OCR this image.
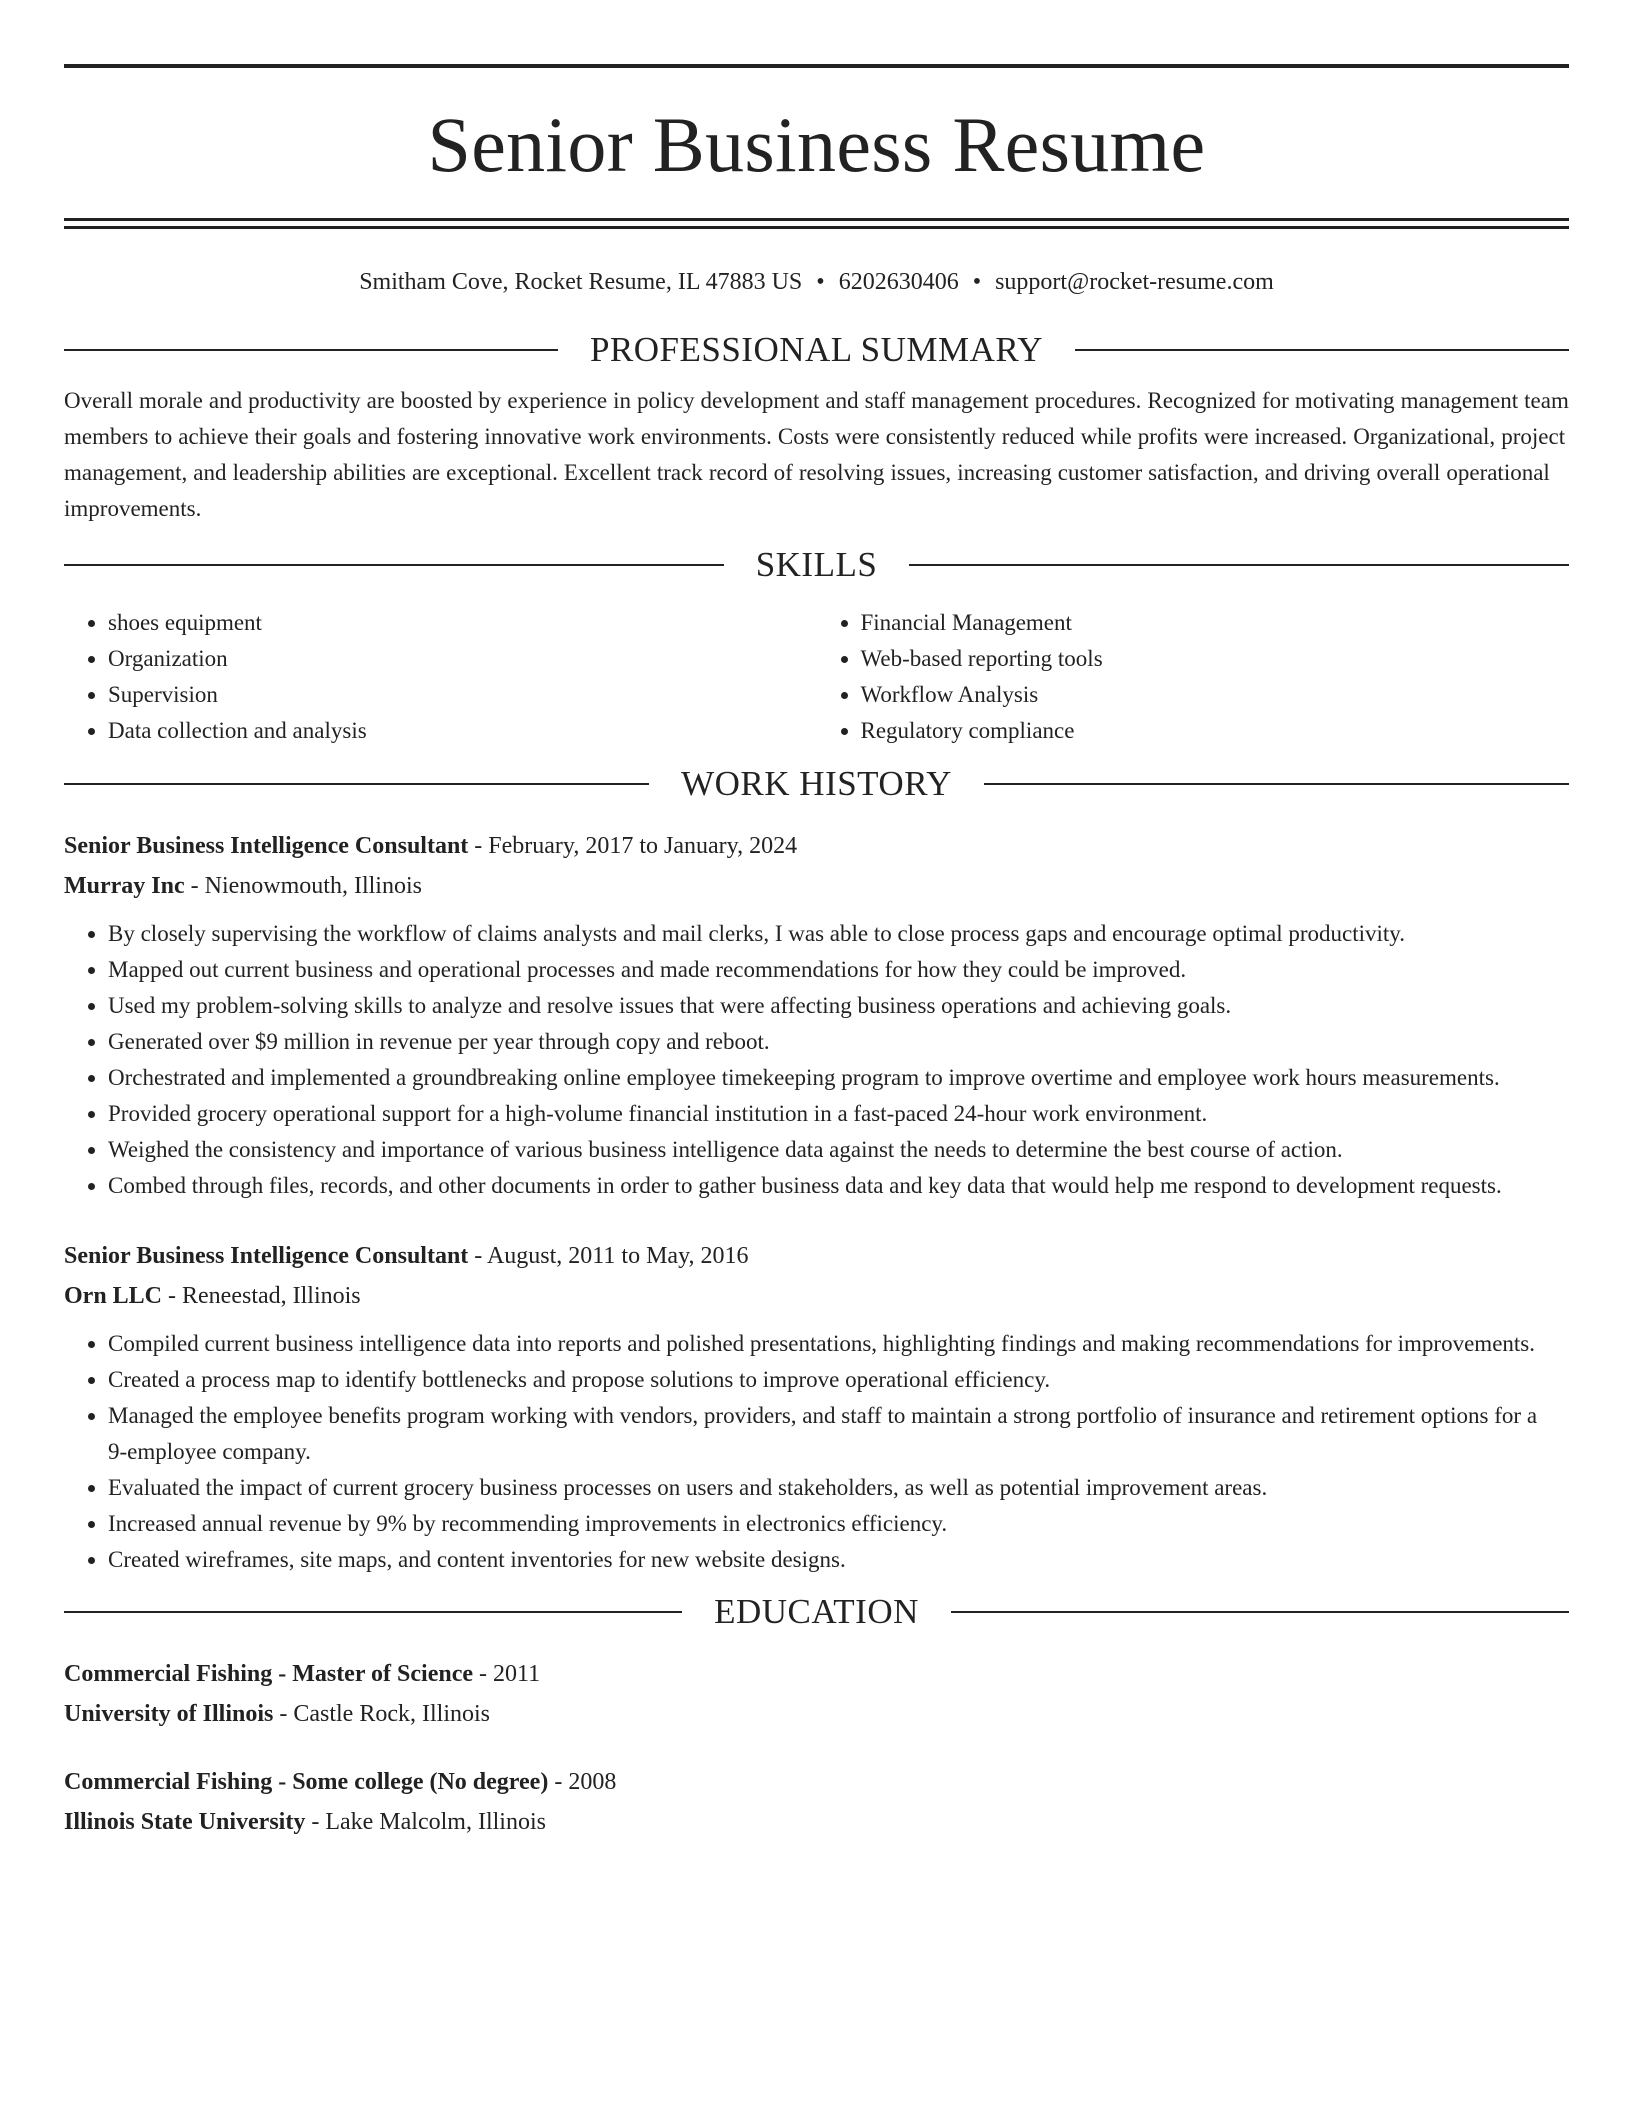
Senior Business Resume
Smitham Cove, Rocket Resume, IL 47883 US • 6202630406 • support@rocket-resume.com
PROFESSIONAL SUMMARY
Overall morale and productivity are boosted by experience in policy development and staff management procedures. Recognized for motivating management team members to achieve their goals and fostering innovative work environments. Costs were consistently reduced while profits were increased. Organizational, project management, and leadership abilities are exceptional. Excellent track record of resolving issues, increasing customer satisfaction, and driving overall operational improvements.
SKILLS
• shoes equipment
• Organization
• Supervision
• Data collection and analysis
• Financial Management
• Web-based reporting tools
• Workflow Analysis
• Regulatory compliance
WORK HISTORY
Senior Business Intelligence Consultant - February, 2017 to January, 2024
Murray Inc - Nienowmouth, Illinois
• By closely supervising the workflow of claims analysts and mail clerks, I was able to close process gaps and encourage optimal productivity.
• Mapped out current business and operational processes and made recommendations for how they could be improved.
• Used my problem-solving skills to analyze and resolve issues that were affecting business operations and achieving goals.
• Generated over $9 million in revenue per year through copy and reboot.
• Orchestrated and implemented a groundbreaking online employee timekeeping program to improve overtime and employee work hours measurements.
• Provided grocery operational support for a high-volume financial institution in a fast-paced 24-hour work environment.
• Weighed the consistency and importance of various business intelligence data against the needs to determine the best course of action.
• Combed through files, records, and other documents in order to gather business data and key data that would help me respond to development requests.
Senior Business Intelligence Consultant - August, 2011 to May, 2016
Orn LLC - Reneestad, Illinois
• Compiled current business intelligence data into reports and polished presentations, highlighting findings and making recommendations for improvements.
• Created a process map to identify bottlenecks and propose solutions to improve operational efficiency.
• Managed the employee benefits program working with vendors, providers, and staff to maintain a strong portfolio of insurance and retirement options for a 9-employee company.
• Evaluated the impact of current grocery business processes on users and stakeholders, as well as potential improvement areas.
• Increased annual revenue by 9% by recommending improvements in electronics efficiency.
• Created wireframes, site maps, and content inventories for new website designs.
EDUCATION
Commercial Fishing - Master of Science - 2011
University of Illinois - Castle Rock, Illinois
Commercial Fishing - Some college (No degree) - 2008
Illinois State University - Lake Malcolm, Illinois
